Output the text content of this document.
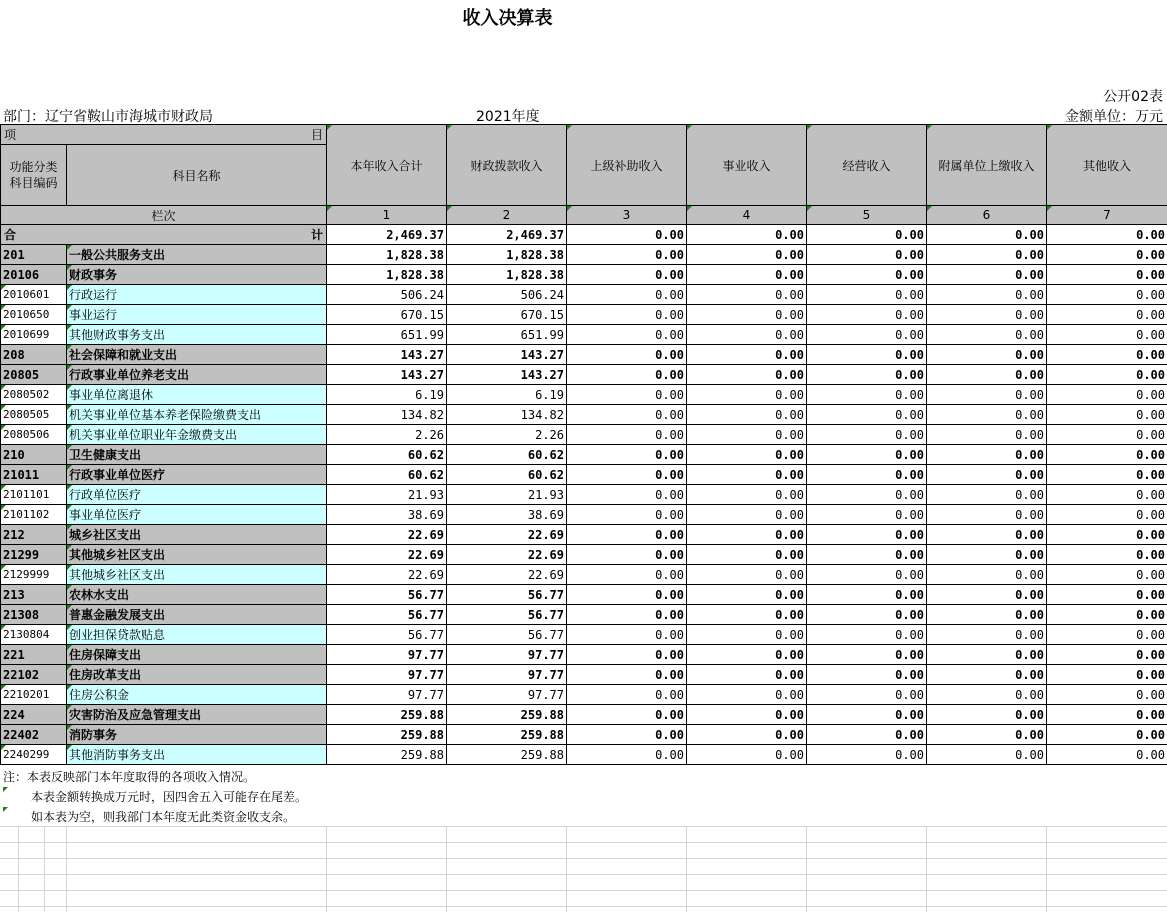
收入决算表
公开02表
部门：辽宁省鞍山市海城市财政局	2021年度	金额单位：万元
项 目		本年收入合计	财政拨款收入	上级补助收入	事业收入	经营收入	附属单位上缴收入	其他收入
功能分类
科目编码	科目名称							
栏次		1	2	3	4	5	6	7

合 计		2,469.37	2,469.37	0.00	0.00	0.00	0.00	0.00
201	一般公共服务支出	1,828.38	1,828.38	0.00	0.00	0.00	0.00	0.00
20106	财政事务	1,828.38	1,828.38	0.00	0.00	0.00	0.00	0.00
2010601	行政运行	506.24	506.24	0.00	0.00	0.00	0.00	0.00
2010650	事业运行	670.15	670.15	0.00	0.00	0.00	0.00	0.00
2010699	其他财政事务支出	651.99	651.99	0.00	0.00	0.00	0.00	0.00
208	社会保障和就业支出	143.27	143.27	0.00	0.00	0.00	0.00	0.00
20805	行政事业单位养老支出	143.27	143.27	0.00	0.00	0.00	0.00	0.00
2080502	事业单位离退休	6.19	6.19	0.00	0.00	0.00	0.00	0.00
2080505	机关事业单位基本养老保险缴费支出	134.82	134.82	0.00	0.00	0.00	0.00	0.00
2080506	机关事业单位职业年金缴费支出	2.26	2.26	0.00	0.00	0.00	0.00	0.00
210	卫生健康支出	60.62	60.62	0.00	0.00	0.00	0.00	0.00
21011	行政事业单位医疗	60.62	60.62	0.00	0.00	0.00	0.00	0.00
2101101	行政单位医疗	21.93	21.93	0.00	0.00	0.00	0.00	0.00
2101102	事业单位医疗	38.69	38.69	0.00	0.00	0.00	0.00	0.00
212	城乡社区支出	22.69	22.69	0.00	0.00	0.00	0.00	0.00
21299	其他城乡社区支出	22.69	22.69	0.00	0.00	0.00	0.00	0.00
2129999	其他城乡社区支出	22.69	22.69	0.00	0.00	0.00	0.00	0.00
213	农林水支出	56.77	56.77	0.00	0.00	0.00	0.00	0.00
21308	普惠金融发展支出	56.77	56.77	0.00	0.00	0.00	0.00	0.00
2130804	创业担保贷款贴息	56.77	56.77	0.00	0.00	0.00	0.00	0.00
221	住房保障支出	97.77	97.77	0.00	0.00	0.00	0.00	0.00
22102	住房改革支出	97.77	97.77	0.00	0.00	0.00	0.00	0.00
2210201	住房公积金	97.77	97.77	0.00	0.00	0.00	0.00	0.00
224	灾害防治及应急管理支出	259.88	259.88	0.00	0.00	0.00	0.00	0.00
22402	消防事务	259.88	259.88	0.00	0.00	0.00	0.00	0.00
2240299	其他消防事务支出	259.88	259.88	0.00	0.00	0.00	0.00	0.00
注：本表反映部门本年度取得的各项收入情况。
本表金额转换成万元时，因四舍五入可能存在尾差。
如本表为空，则我部门本年度无此类资金收支余。
